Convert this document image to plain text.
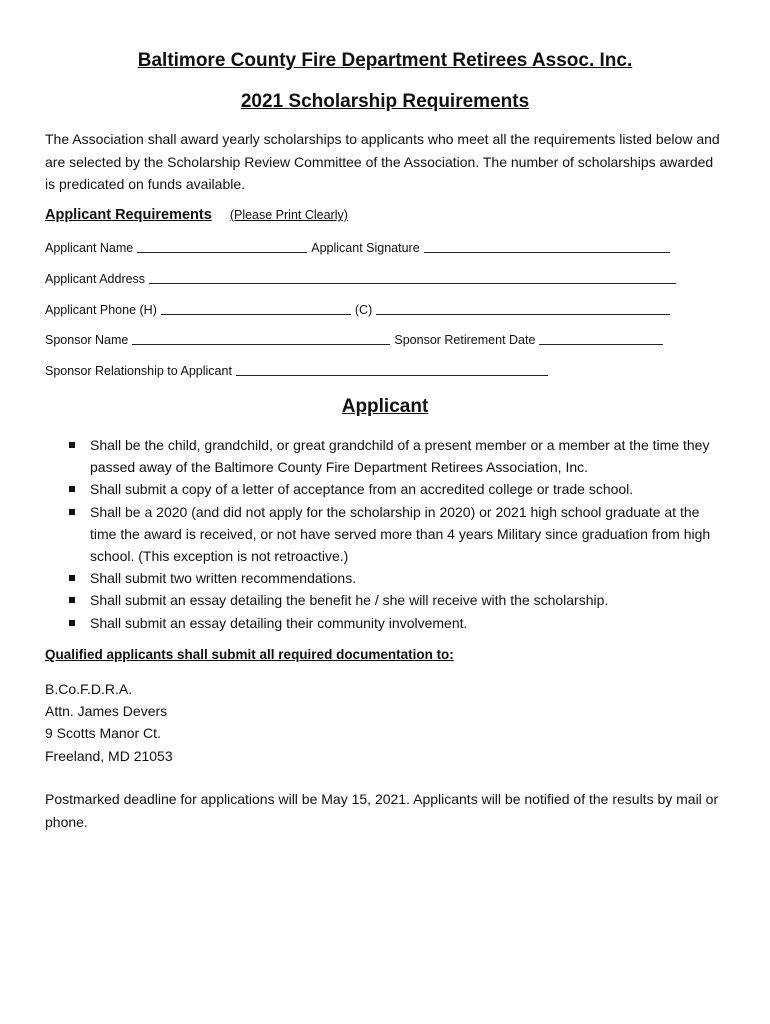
Baltimore County Fire Department Retirees Assoc. Inc.
2021 Scholarship Requirements

The Association shall award yearly scholarships to applicants who meet all the requirements listed below and are selected by the Scholarship Review Committee of the Association. The number of scholarships awarded is predicated on funds available.

Applicant Requirements (Please Print Clearly)
Applicant Name	Applicant Signature
Applicant Address
Applicant Phone (H)	(C)
Sponsor Name	Sponsor Retirement Date
Sponsor Relationship to Applicant
Applicant
Shall be the child, grandchild, or great grandchild of a present member or a member at the time they passed away of the Baltimore County Fire Department Retirees Association, Inc.
Shall submit a copy of a letter of acceptance from an accredited college or trade school.
Shall be a 2020 (and did not apply for the scholarship in 2020) or 2021 high school graduate at the time the award is received, or not have served more than 4 years Military since graduation from high school. (This exception is not retroactive.)
Shall submit two written recommendations.
Shall submit an essay detailing the benefit he / she will receive with the scholarship.
Shall submit an essay detailing their community involvement.
Qualified applicants shall submit all required documentation to:
B.Co.F.D.R.A.
Attn. James Devers
9 Scotts Manor Ct.
Freeland, MD 21053

Postmarked deadline for applications will be May 15, 2021. Applicants will be notified of the results by mail or phone.
